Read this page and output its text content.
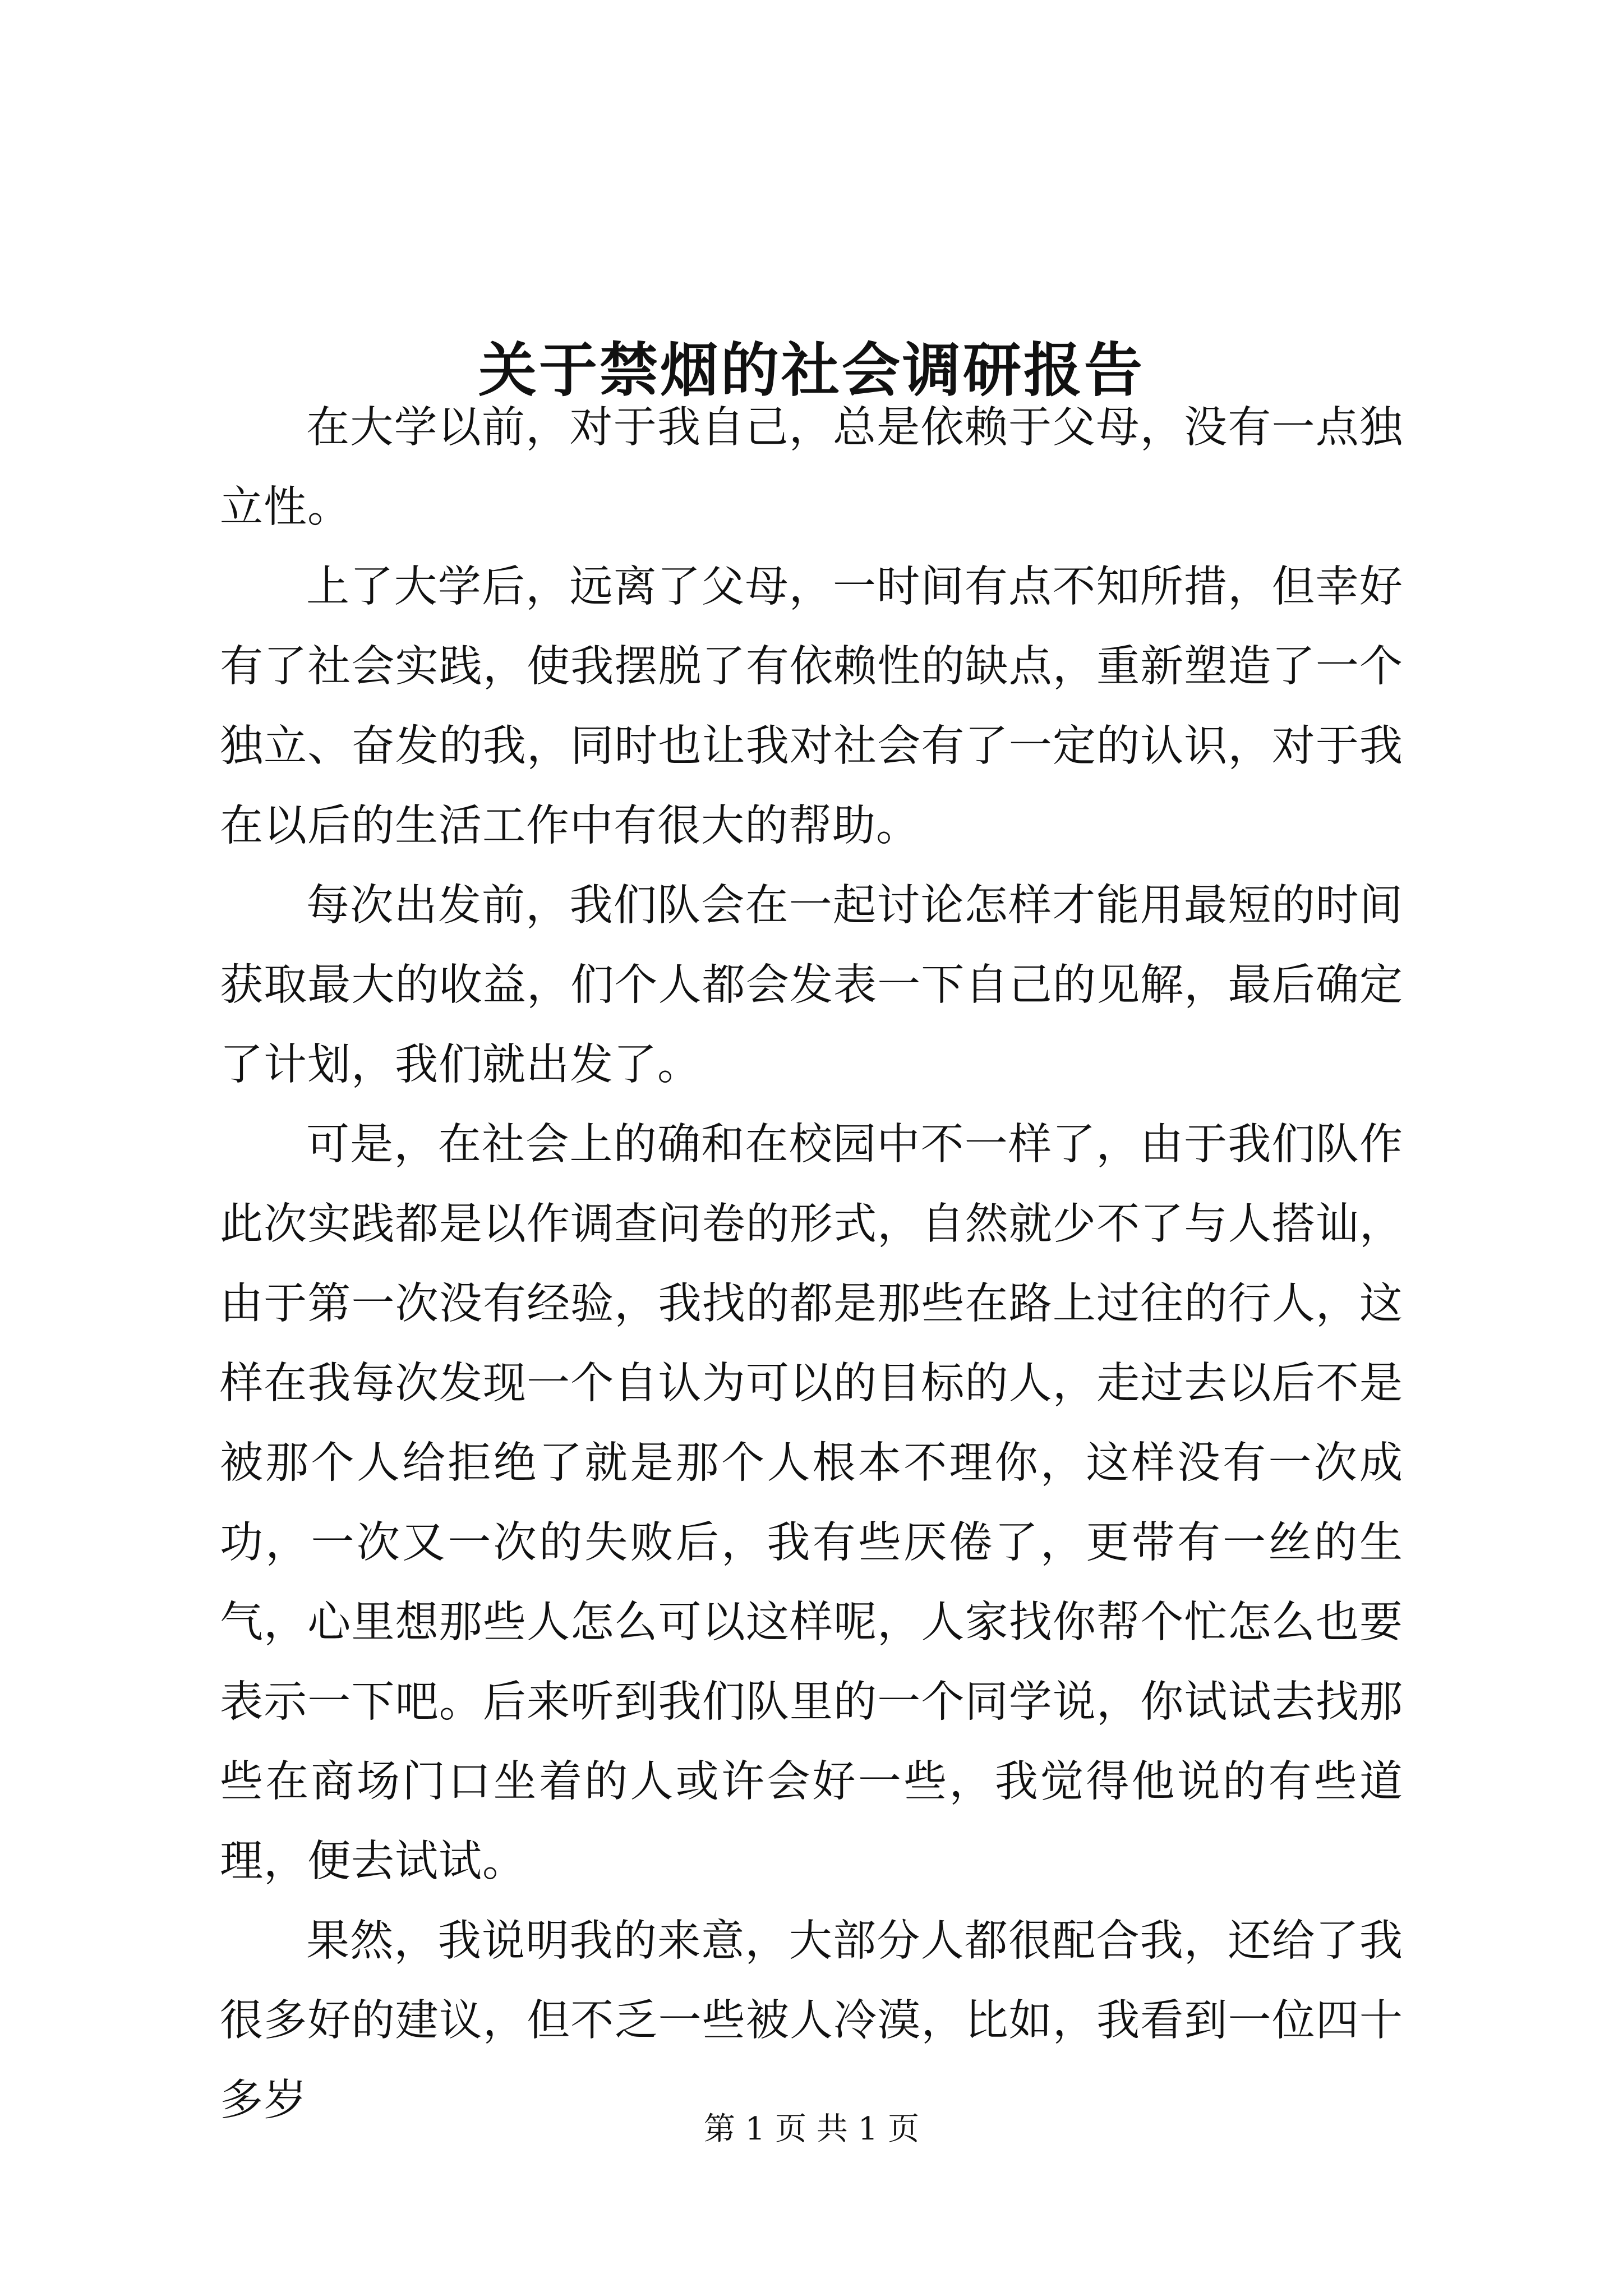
关于禁烟的社会调研报告

在大学以前，对于我自己，总是依赖于父母，没有一点独立性。

上了大学后，远离了父母，一时间有点不知所措，但幸好有了社会实践，使我摆脱了有依赖性的缺点，重新塑造了一个独立、奋发的我，同时也让我对社会有了一定的认识，对于我在以后的生活工作中有很大的帮助。

每次出发前，我们队会在一起讨论怎样才能用最短的时间获取最大的收益，们个人都会发表一下自己的见解，最后确定了计划，我们就出发了。

可是，在社会上的确和在校园中不一样了，由于我们队作此次实践都是以作调查问卷的形式，自然就少不了与人搭讪，由于第一次没有经验，我找的都是那些在路上过往的行人，这样在我每次发现一个自认为可以的目标的人，走过去以后不是被那个人给拒绝了就是那个人根本不理你，这样没有一次成功，一次又一次的失败后，我有些厌倦了，更带有一丝的生气，心里想那些人怎么可以这样呢，人家找你帮个忙怎么也要表示一下吧。后来听到我们队里的一个同学说，你试试去找那些在商场门口坐着的人或许会好一些，我觉得他说的有些道理，便去试试。

果然，我说明我的来意，大部分人都很配合我，还给了我很多好的建议，但不乏一些被人冷漠，比如，我看到一位四十多岁

第 1 页 共 1 页
